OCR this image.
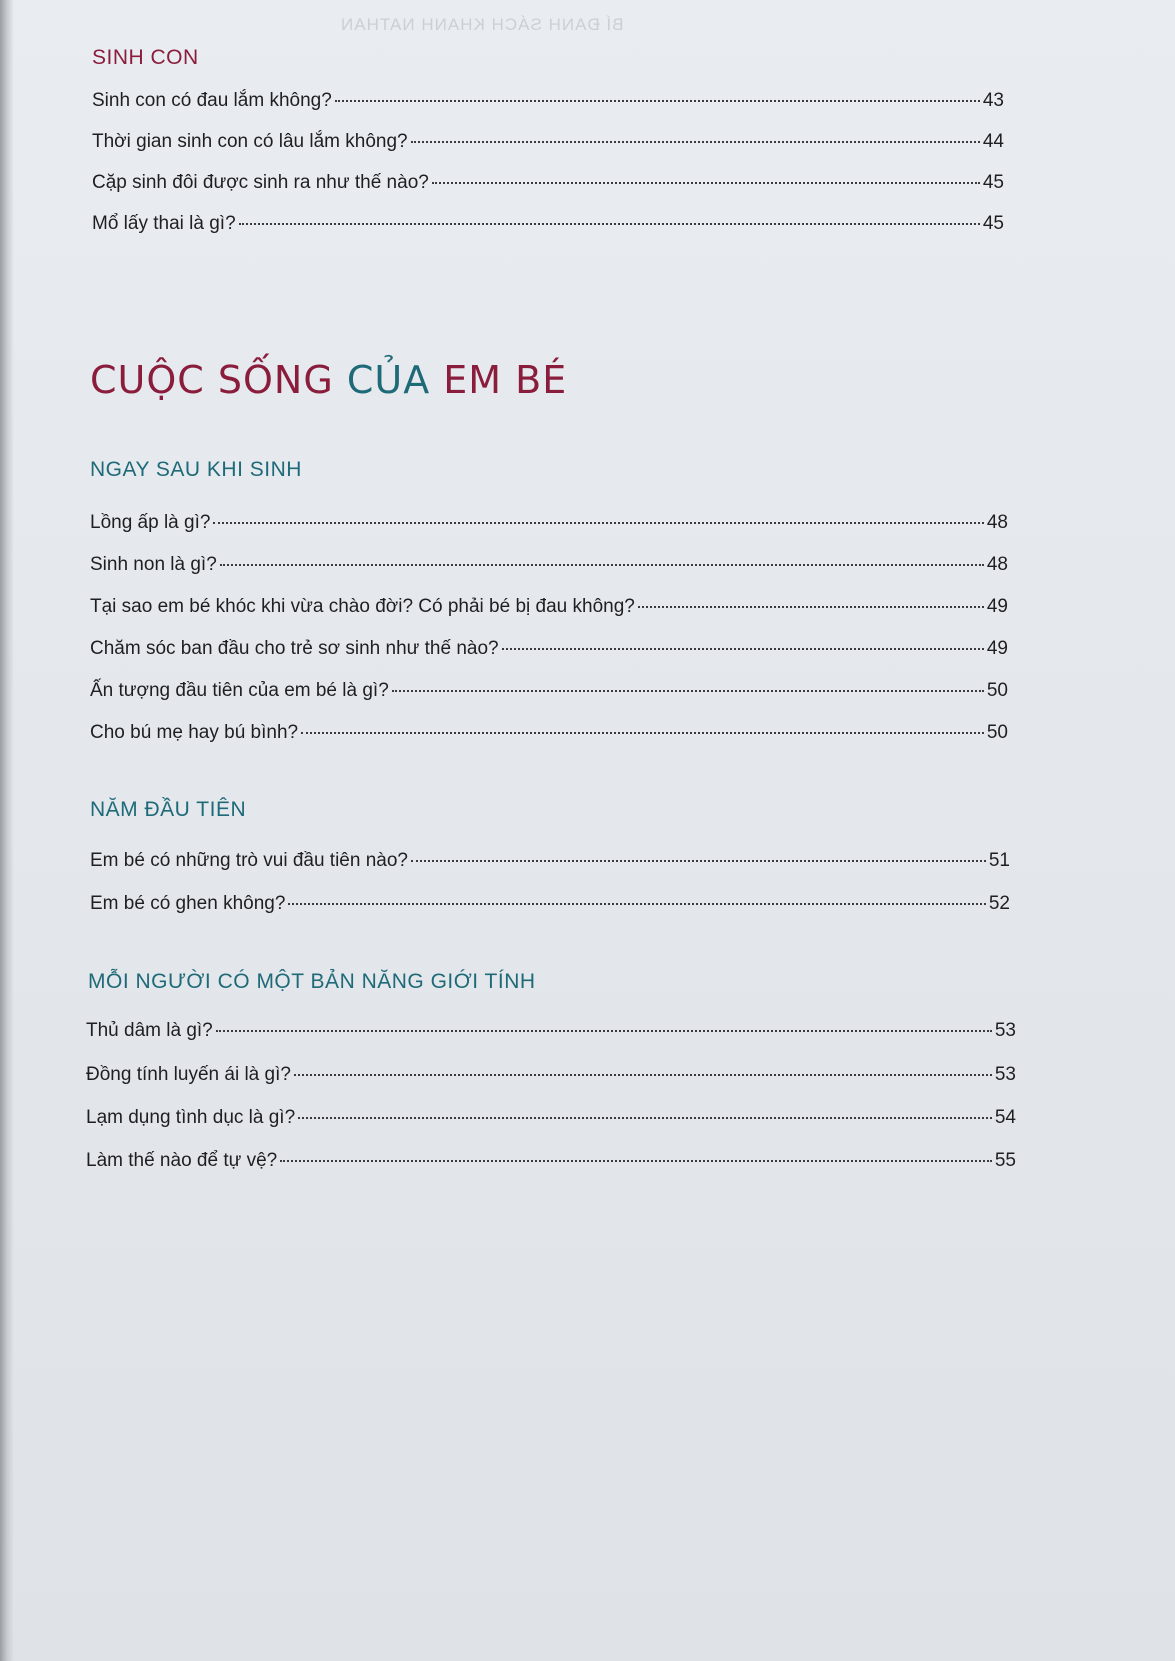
BÍ ĐANH SÁCH KHANH NATHAN
SINH CON
Sinh con có đau lắm không?	43
Thời gian sinh con có lâu lắm không?	44
Cặp sinh đôi được sinh ra như thế nào?	45
Mổ lấy thai là gì?	45
CUỘC SỐNG CỦA EM BÉ
NGAY SAU KHI SINH
Lồng ấp là gì?	48
Sinh non là gì?	48
Tại sao em bé khóc khi vừa chào đời? Có phải bé bị đau không?	49
Chăm sóc ban đầu cho trẻ sơ sinh như thế nào?	49
Ấn tượng đầu tiên của em bé là gì?	50
Cho bú mẹ hay bú bình?	50
NĂM ĐẦU TIÊN
Em bé có những trò vui đầu tiên nào?	51
Em bé có ghen không?	52
MỖI NGƯỜI CÓ MỘT BẢN NĂNG GIỚI TÍNH
Thủ dâm là gì?	53
Đồng tính luyến ái là gì?	53
Lạm dụng tình dục là gì?	54
Làm thế nào để tự vệ?	55
